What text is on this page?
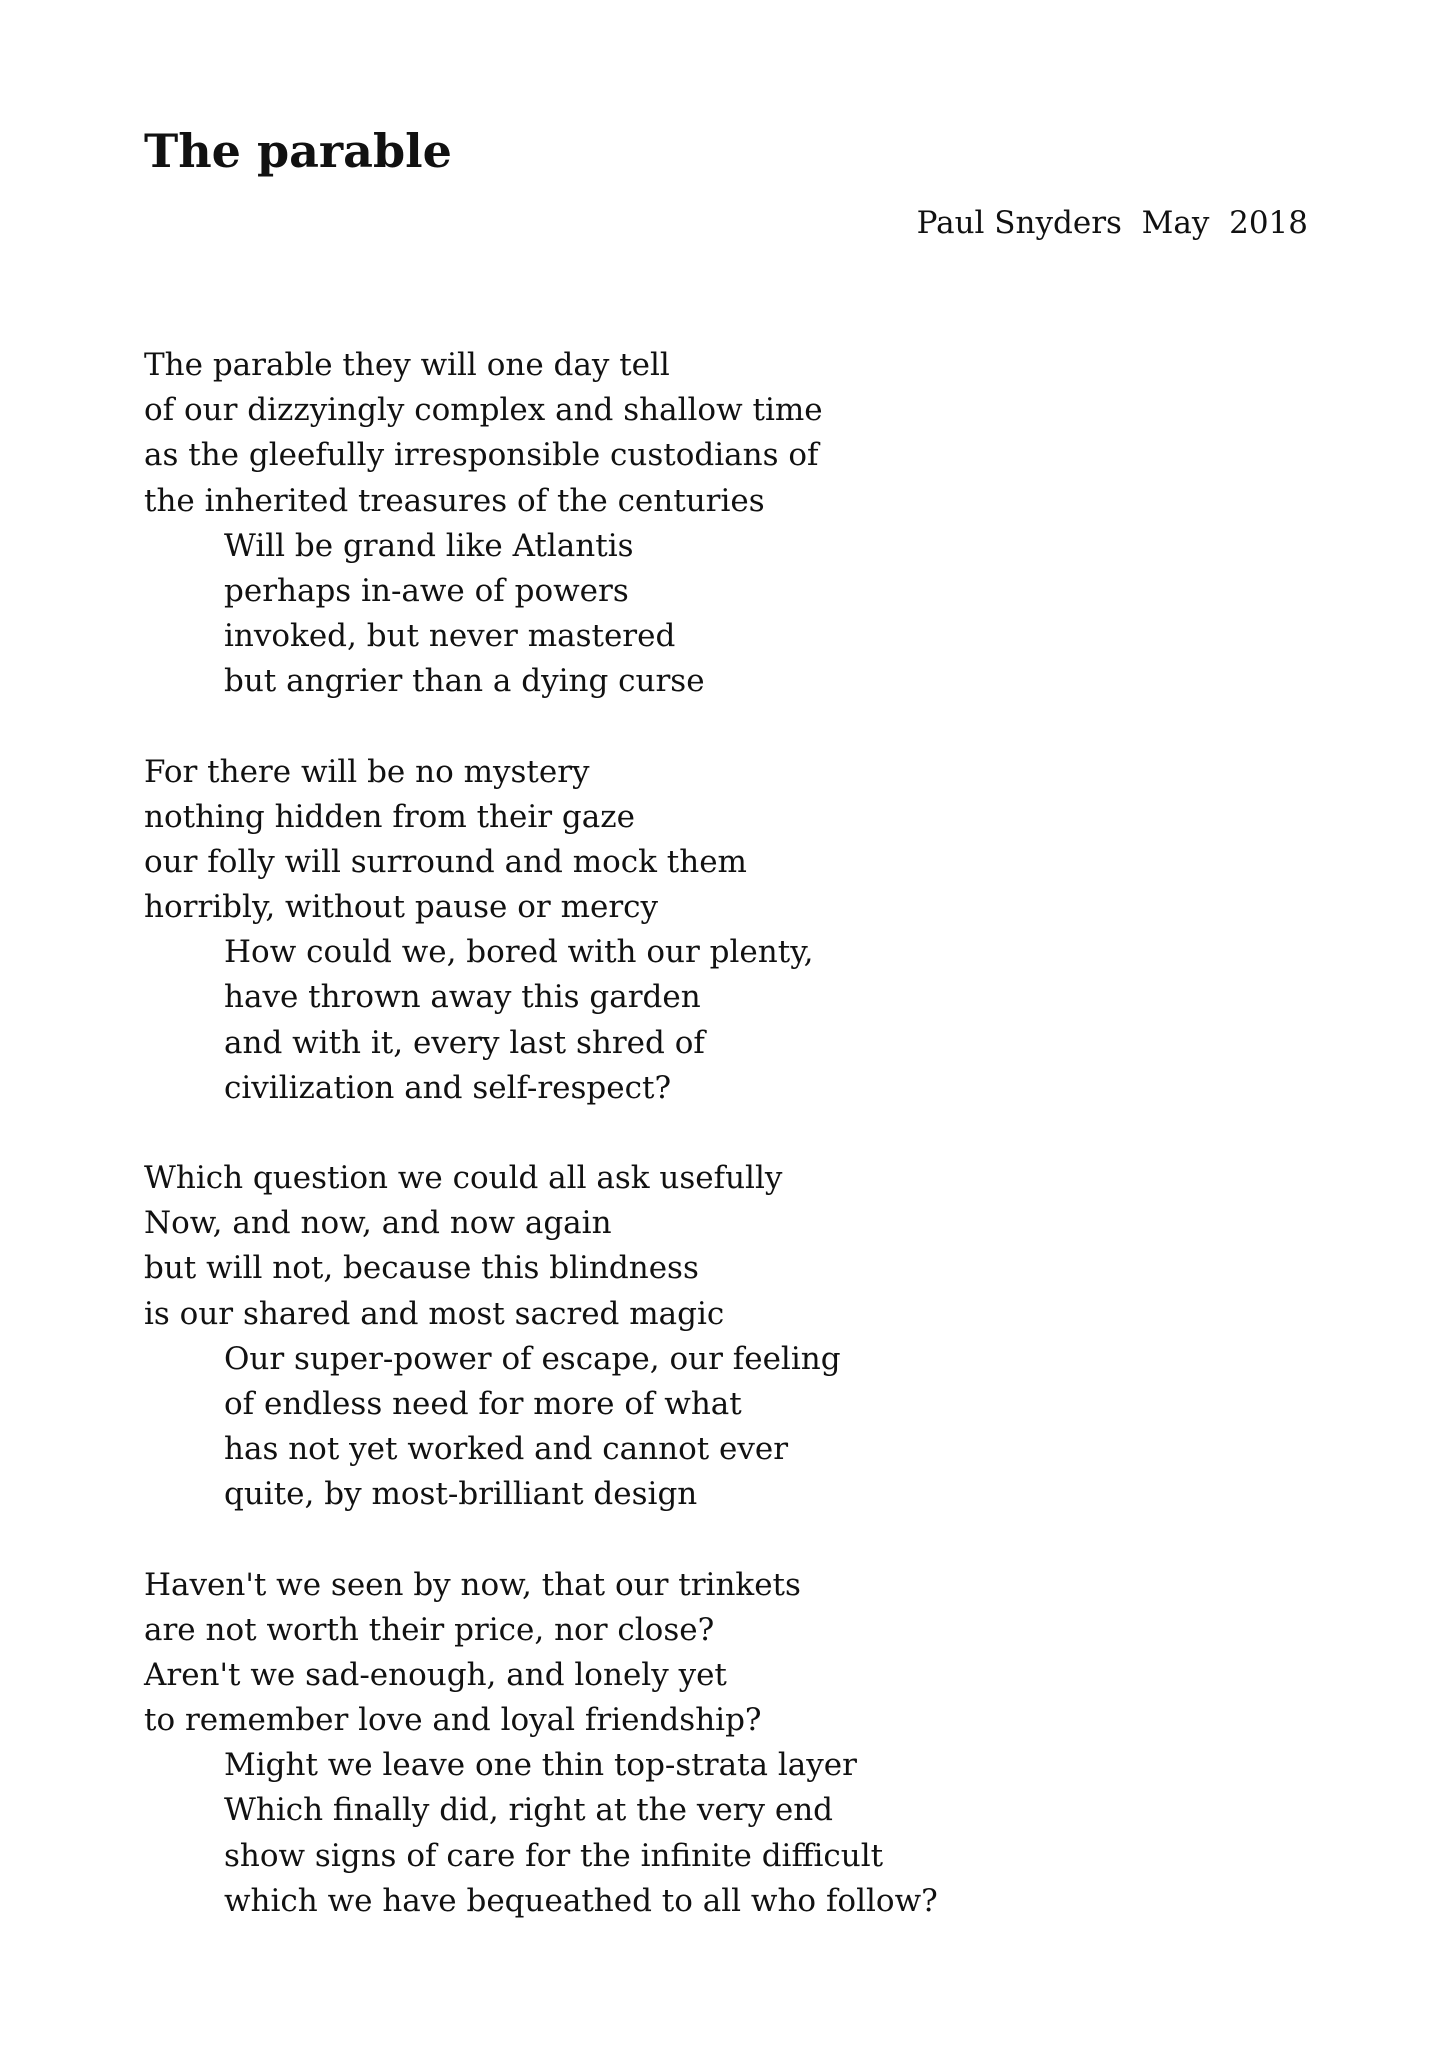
The parable
Paul Snyders  May  2018
The parable they will one day tell
of our dizzyingly complex and shallow time
as the gleefully irresponsible custodians of
the inherited treasures of the centuries
Will be grand like Atlantis
perhaps in-awe of powers
invoked, but never mastered
but angrier than a dying curse
For there will be no mystery
nothing hidden from their gaze
our folly will surround and mock them
horribly, without pause or mercy
How could we, bored with our plenty,
have thrown away this garden
and with it, every last shred of
civilization and self-respect?
Which question we could all ask usefully
Now, and now, and now again
but will not, because this blindness
is our shared and most sacred magic
Our super-power of escape, our feeling
of endless need for more of what
has not yet worked and cannot ever
quite, by most-brilliant design
Haven't we seen by now, that our trinkets
are not worth their price, nor close?
Aren't we sad-enough, and lonely yet
to remember love and loyal friendship?
Might we leave one thin top-strata layer
Which finally did, right at the very end
show signs of care for the infinite difficult
which we have bequeathed to all who follow?
